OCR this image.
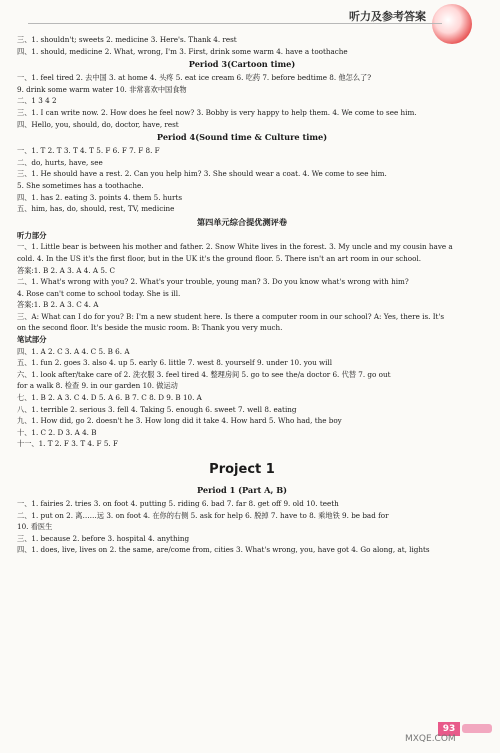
听力及参考答案
三、1. shouldn't; sweets 2. medicine 3. Here's. Thank 4. rest
四、1. should, medicine 2. What, wrong, I'm 3. First, drink some warm 4. have a toothache
Period 3(Cartoon time)
一、1. feel tired 2. 去中国 3. at home 4. 头疼 5. eat ice cream 6. 吃药 7. before bedtime 8. 他怎么了?
9. drink some warm water 10. 非常喜欢中国食物
二、1 3 4 2
三、1. I can write now. 2. How does he feel now? 3. Bobby is very happy to help them. 4. We come to see him.
四、Hello, you, should, do, doctor, have, rest
Period 4(Sound time & Culture time)
一、1. T 2. T 3. T 4. T 5. F 6. F 7. F 8. F
二、do, hurts, have, see
三、1. He should have a rest. 2. Can you help him? 3. She should wear a coat. 4. We come to see him.
5. She sometimes has a toothache.
四、1. has 2. eating 3. points 4. them 5. hurts
五、him, has, do, should, rest, TV, medicine
第四单元综合提优测评卷
听力部分
一、1. Little bear is between his mother and father. 2. Snow White lives in the forest. 3. My uncle and my cousin have a
cold. 4. In the US it's the first floor, but in the UK it's the ground floor. 5. There isn't an art room in our school.
答案:1. B 2. A 3. A 4. A 5. C
二、1. What's wrong with you? 2. What's your trouble, young man? 3. Do you know what's wrong with him?
4. Rose can't come to school today. She is ill.
答案:1. B 2. A 3. C 4. A
三、A: What can I do for you? B: I'm a new student here. Is there a computer room in our school? A: Yes, there is. It's
on the second floor. It's beside the music room. B: Thank you very much.
笔试部分
四、1. A 2. C 3. A 4. C 5. B 6. A
五、1. fun 2. goes 3. also 4. up 5. early 6. little 7. west 8. yourself 9. under 10. you will
六、1. look after/take care of 2. 洗衣服 3. feel tired 4. 整理房间 5. go to see the/a doctor 6. 代替 7. go out
for a walk 8. 检查 9. in our garden 10. 做运动
七、1. B 2. A 3. C 4. D 5. A 6. B 7. C 8. D 9. B 10. A
八、1. terrible 2. serious 3. fell 4. Taking 5. enough 6. sweet 7. well 8. eating
九、1. How did, go 2. doesn't he 3. How long did it take 4. How hard 5. Who had, the boy
十、1. C 2. D 3. A 4. B
十一、1. T 2. F 3. T 4. F 5. F
Project 1
Period 1 (Part A, B)
一、1. fairies 2. tries 3. on foot 4. putting 5. riding 6. bad 7. far 8. get off 9. old 10. teeth
二、1. put on 2. 离……远 3. on foot 4. 在你的右侧 5. ask for help 6. 脱掉 7. have to 8. 乘地铁 9. be bad for
10. 看医生
三、1. because 2. before 3. hospital 4. anything
四、1. does, live, lives on 2. the same, are/come from, cities 3. What's wrong, you, have got 4. Go along, at, lights
93
MXQE.COM
